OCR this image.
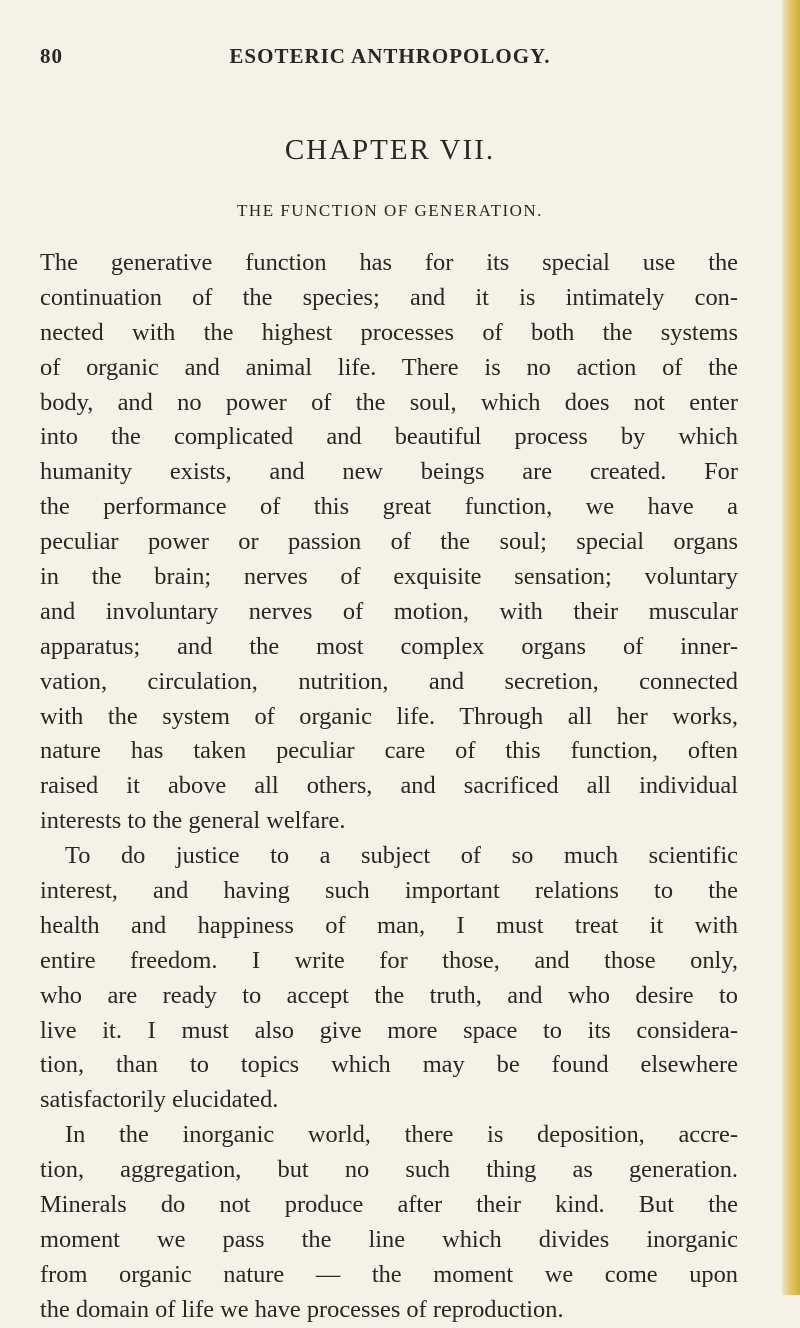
80	ESOTERIC ANTHROPOLOGY.
CHAPTER VII.
THE FUNCTION OF GENERATION.
The generative function has for its special use the
continuation of the species; and it is intimately con-
nected with the highest processes of both the systems
of organic and animal life. There is no action of the
body, and no power of the soul, which does not enter
into the complicated and beautiful process by which
humanity exists, and new beings are created. For
the performance of this great function, we have a
peculiar power or passion of the soul; special organs
in the brain; nerves of exquisite sensation; voluntary
and involuntary nerves of motion, with their muscular
apparatus; and the most complex organs of inner-
vation, circulation, nutrition, and secretion, connected
with the system of organic life. Through all her works,
nature has taken peculiar care of this function, often
raised it above all others, and sacrificed all individual
interests to the general welfare.
To do justice to a subject of so much scientific
interest, and having such important relations to the
health and happiness of man, I must treat it with
entire freedom. I write for those, and those only,
who are ready to accept the truth, and who desire to
live it. I must also give more space to its considera-
tion, than to topics which may be found elsewhere
satisfactorily elucidated.
In the inorganic world, there is deposition, accre-
tion, aggregation, but no such thing as generation.
Minerals do not produce after their kind. But the
moment we pass the line which divides inorganic
from organic nature — the moment we come upon
the domain of life we have processes of reproduction.
